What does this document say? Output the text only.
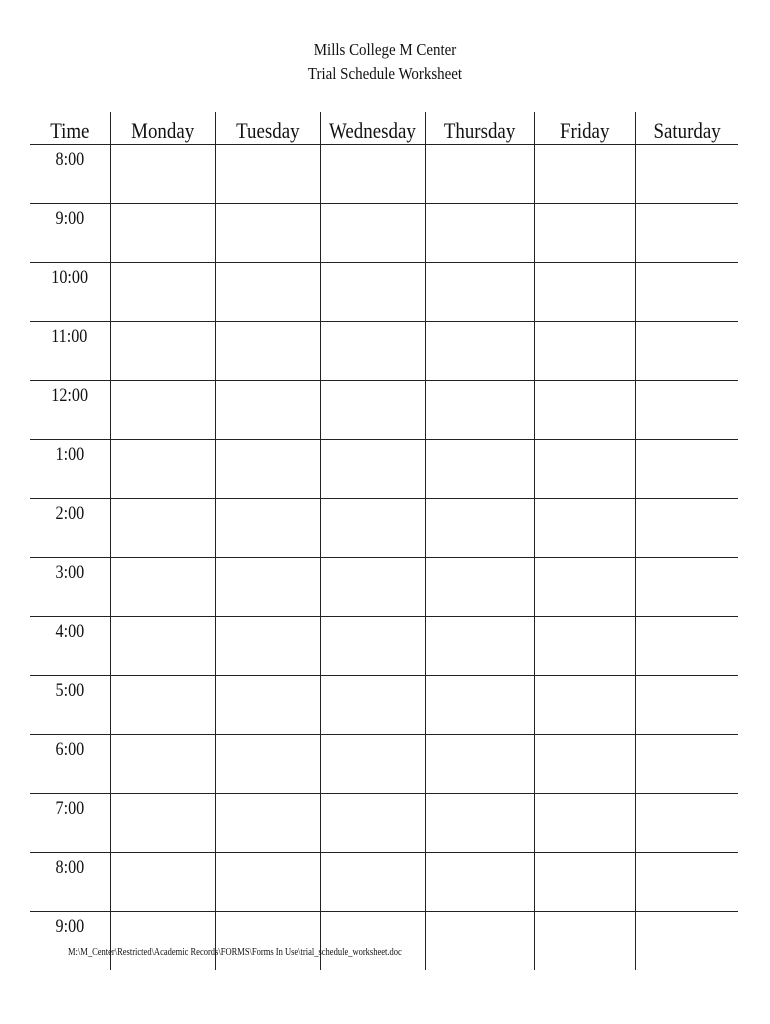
Mills College M Center
Trial Schedule Worksheet
Time	Monday	Tuesday	Wednesday	Thursday	Friday	Saturday
8:00						
9:00						
10:00						
11:00						
12:00						
1:00						
2:00						
3:00						
4:00						
5:00						
6:00						
7:00						
8:00						
9:00						
M:\M_Center\Restricted\Academic Records\FORMS\Forms In Use\trial_schedule_worksheet.doc
